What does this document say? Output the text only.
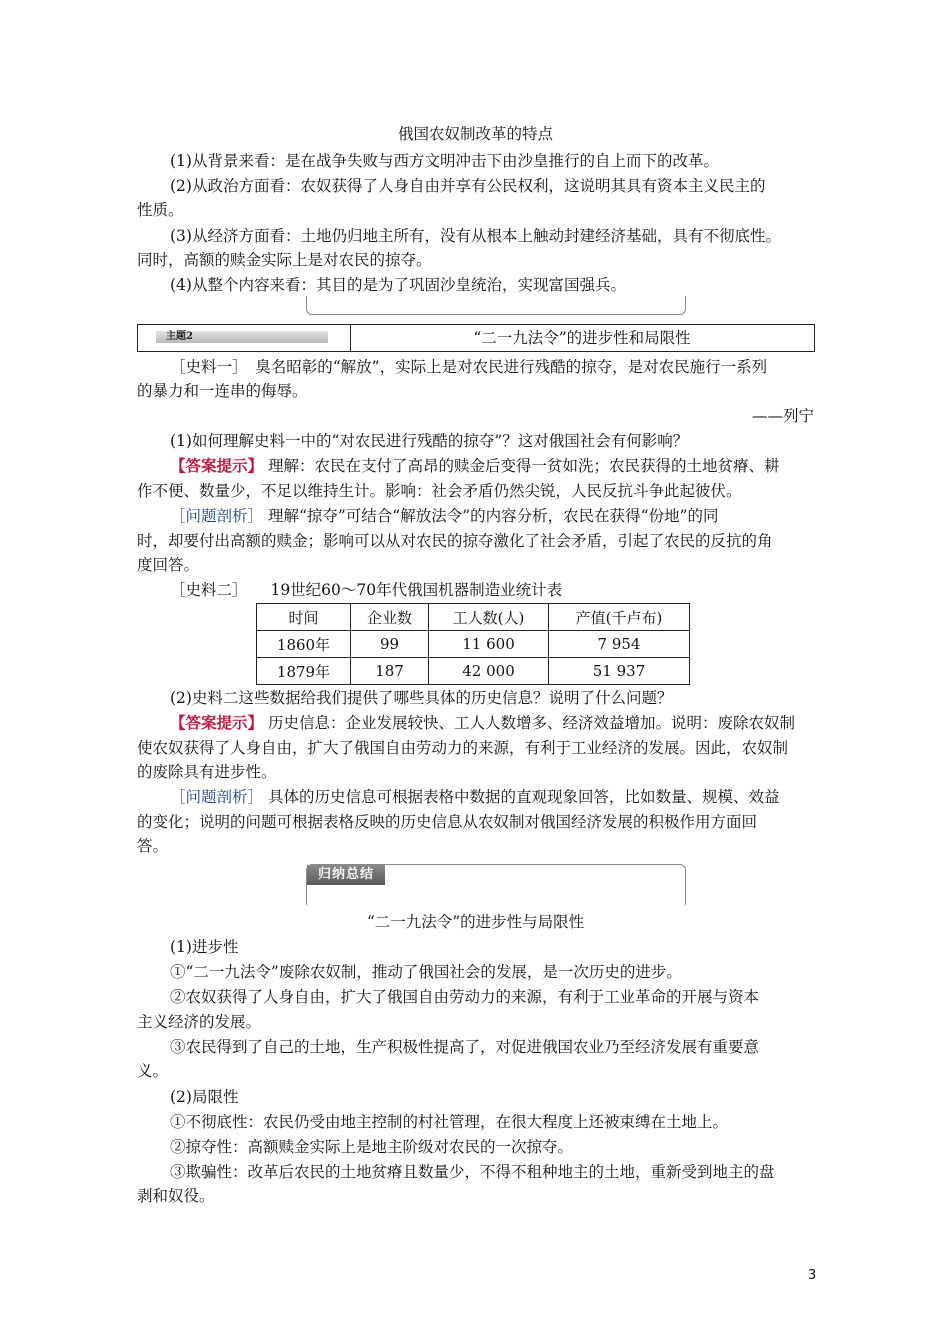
俄国农奴制改革的特点
(1)从背景来看：是在战争失败与西方文明冲击下由沙皇推行的自上而下的改革。
(2)从政治方面看：农奴获得了人身自由并享有公民权利，这说明其具有资本主义民主的
性质。
(3)从经济方面看：土地仍归地主所有，没有从根本上触动封建经济基础，具有不彻底性。
同时，高额的赎金实际上是对农民的掠夺。
(4)从整个内容来看：其目的是为了巩固沙皇统治，实现富国强兵。
主题2	“二一九法令”的进步性和局限性
［史料一］　臭名昭彰的“解放”，实际上是对农民进行残酷的掠夺，是对农民施行一系列
的暴力和一连串的侮辱。
——列宁
(1)如何理解史料一中的“对农民进行残酷的掠夺”？这对俄国社会有何影响？
【答案提示】 理解：农民在支付了高昂的赎金后变得一贫如洗；农民获得的土地贫瘠、耕
作不便、数量少，不足以维持生计。影响：社会矛盾仍然尖锐，人民反抗斗争此起彼伏。
［问题剖析］ 理解“掠夺”可结合“解放法令”的内容分析，农民在获得“份地”的同
时，却要付出高额的赎金；影响可以从对农民的掠夺激化了社会矛盾，引起了农民的反抗的角
度回答。
［史料二］ 19世纪60～70年代俄国机器制造业统计表
时间	企业数	工人数(人)	产值(千卢布)
1860年	99	11 600	7 954
1879年	187	42 000	51 937
(2)史料二这些数据给我们提供了哪些具体的历史信息？说明了什么问题？
【答案提示】 历史信息：企业发展较快、工人人数增多、经济效益增加。说明：废除农奴制
使农奴获得了人身自由，扩大了俄国自由劳动力的来源，有利于工业经济的发展。因此，农奴制
的废除具有进步性。
［问题剖析］ 具体的历史信息可根据表格中数据的直观现象回答，比如数量、规模、效益
的变化；说明的问题可根据表格反映的历史信息从农奴制对俄国经济发展的积极作用方面回
答。
归纳总结
“二一九法令”的进步性与局限性
(1)进步性
①“二一九法令”废除农奴制，推动了俄国社会的发展，是一次历史的进步。
②农奴获得了人身自由，扩大了俄国自由劳动力的来源，有利于工业革命的开展与资本
主义经济的发展。
③农民得到了自己的土地，生产积极性提高了，对促进俄国农业乃至经济发展有重要意
义。
(2)局限性
①不彻底性：农民仍受由地主控制的村社管理，在很大程度上还被束缚在土地上。
②掠夺性：高额赎金实际上是地主阶级对农民的一次掠夺。
③欺骗性：改革后农民的土地贫瘠且数量少，不得不租种地主的土地，重新受到地主的盘
剥和奴役。
3
